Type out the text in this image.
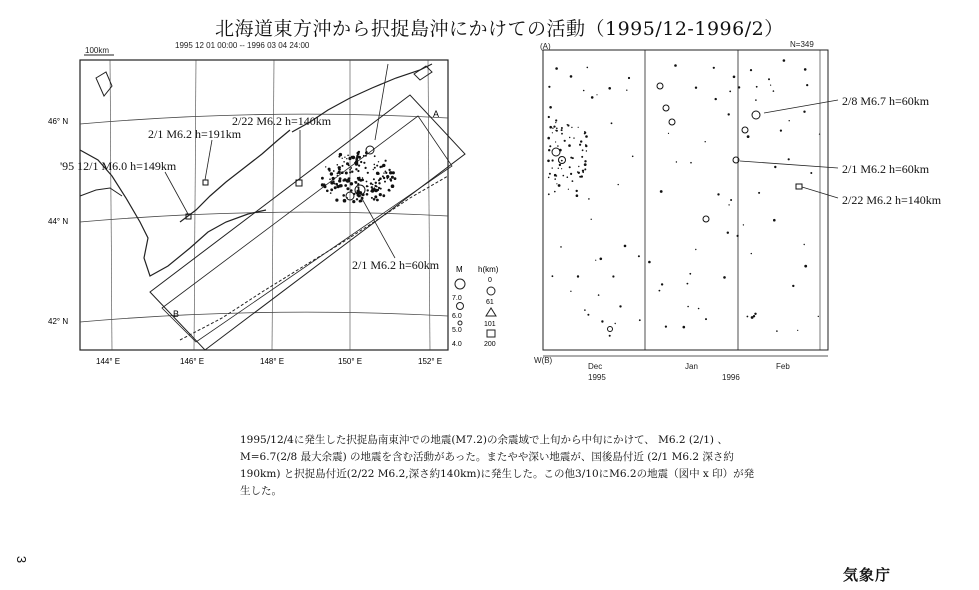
北海道東方沖から択捉島沖にかけての活動（1995/12-1996/2）
1995 12 01 00:00 -- 1996 03 04 24:00
100km
A
B
46° N
44° N
42° N
144° E	146° E	148° E	150° E	152° E
M
7.0
6.0
5.0
4.0
h(km)
0
61
101
200
2/22 M6.2 h=140km
2/1 M6.2 h=191km
'95 12/1 M6.0 h=149km
2/1 M6.2 h=60km
N=349
(A)
W(B)
Dec	Jan	Feb
1995	1996
2/8 M6.7 h=60km
2/1 M6.2 h=60km
2/22 M6.2 h=140km
1995/12/4に発生した択捉島南東沖での地震(M7.2)の余震域で上旬から中旬にかけて、 M6.2 (2/1) 、
M=6.7(2/8 最大余震) の地震を含む活動があった。またやや深い地震が、国後島付近 (2/1 M6.2 深さ約
190km) と択捉島付近(2/22 M6.2,深さ約140km)に発生した。この他3/10にM6.2の地震（図中 x 印）が発
生した。
3
気象庁
